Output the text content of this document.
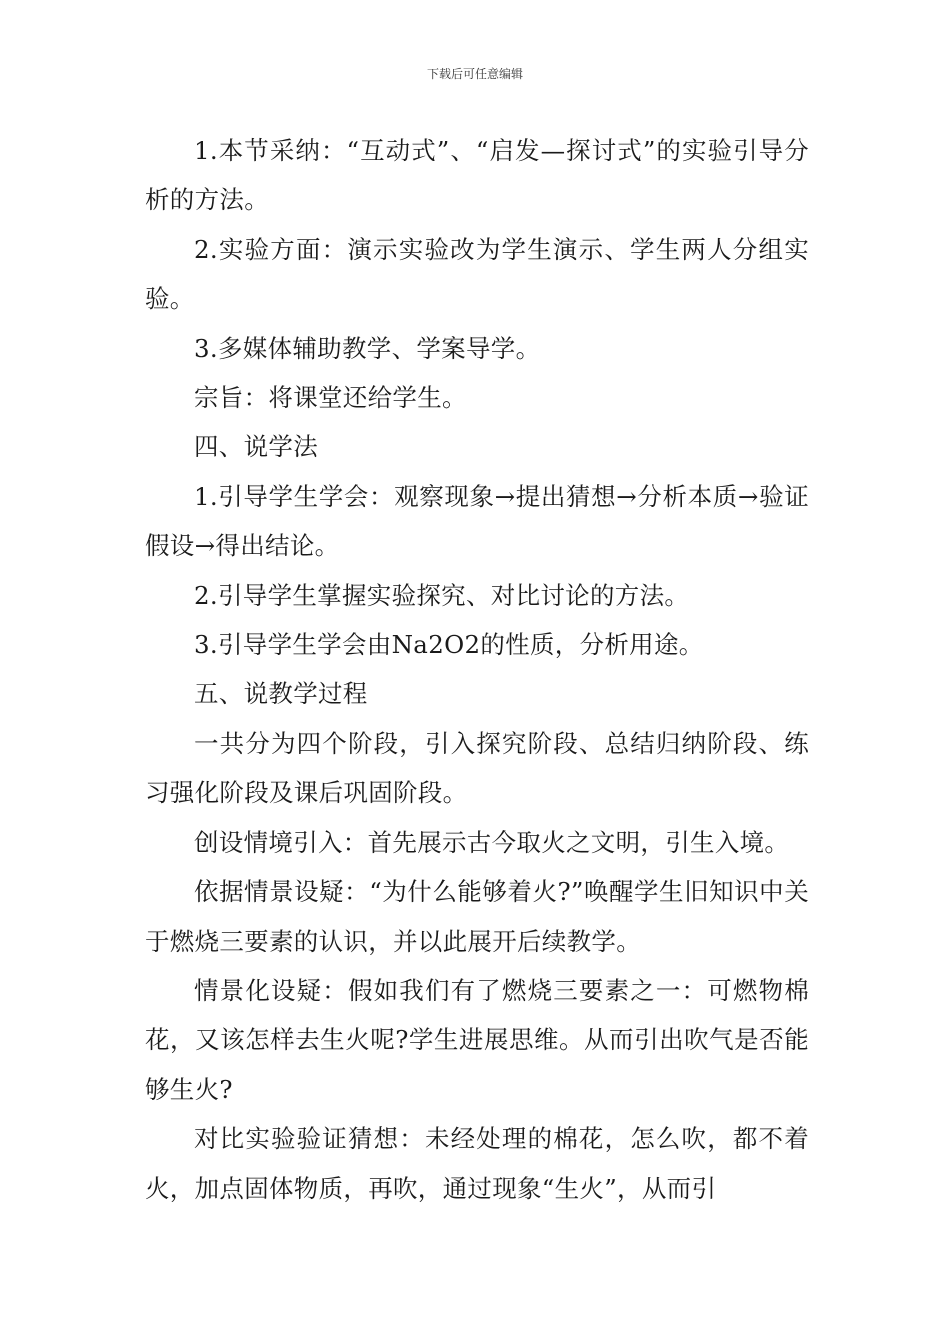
下载后可任意编辑

1.本节采纳：“互动式”、“启发—探讨式”的实验引导分析的方法。

2.实验方面：演示实验改为学生演示、学生两人分组实验。

3.多媒体辅助教学、学案导学。

宗旨：将课堂还给学生。

四、说学法

1.引导学生学会：观察现象→提出猜想→分析本质→验证假设→得出结论。

2.引导学生掌握实验探究、对比讨论的方法。

3.引导学生学会由Na2O2的性质，分析用途。

五、说教学过程

一共分为四个阶段，引入探究阶段、总结归纳阶段、练习强化阶段及课后巩固阶段。

创设情境引入：首先展示古今取火之文明，引生入境。

依据情景设疑：“为什么能够着火?”唤醒学生旧知识中关于燃烧三要素的认识，并以此展开后续教学。

情景化设疑：假如我们有了燃烧三要素之一：可燃物棉花，又该怎样去生火呢?学生进展思维。从而引出吹气是否能够生火?

对比实验验证猜想：未经处理的棉花，怎么吹，都不着火，加点固体物质，再吹，通过现象“生火”，从而引
